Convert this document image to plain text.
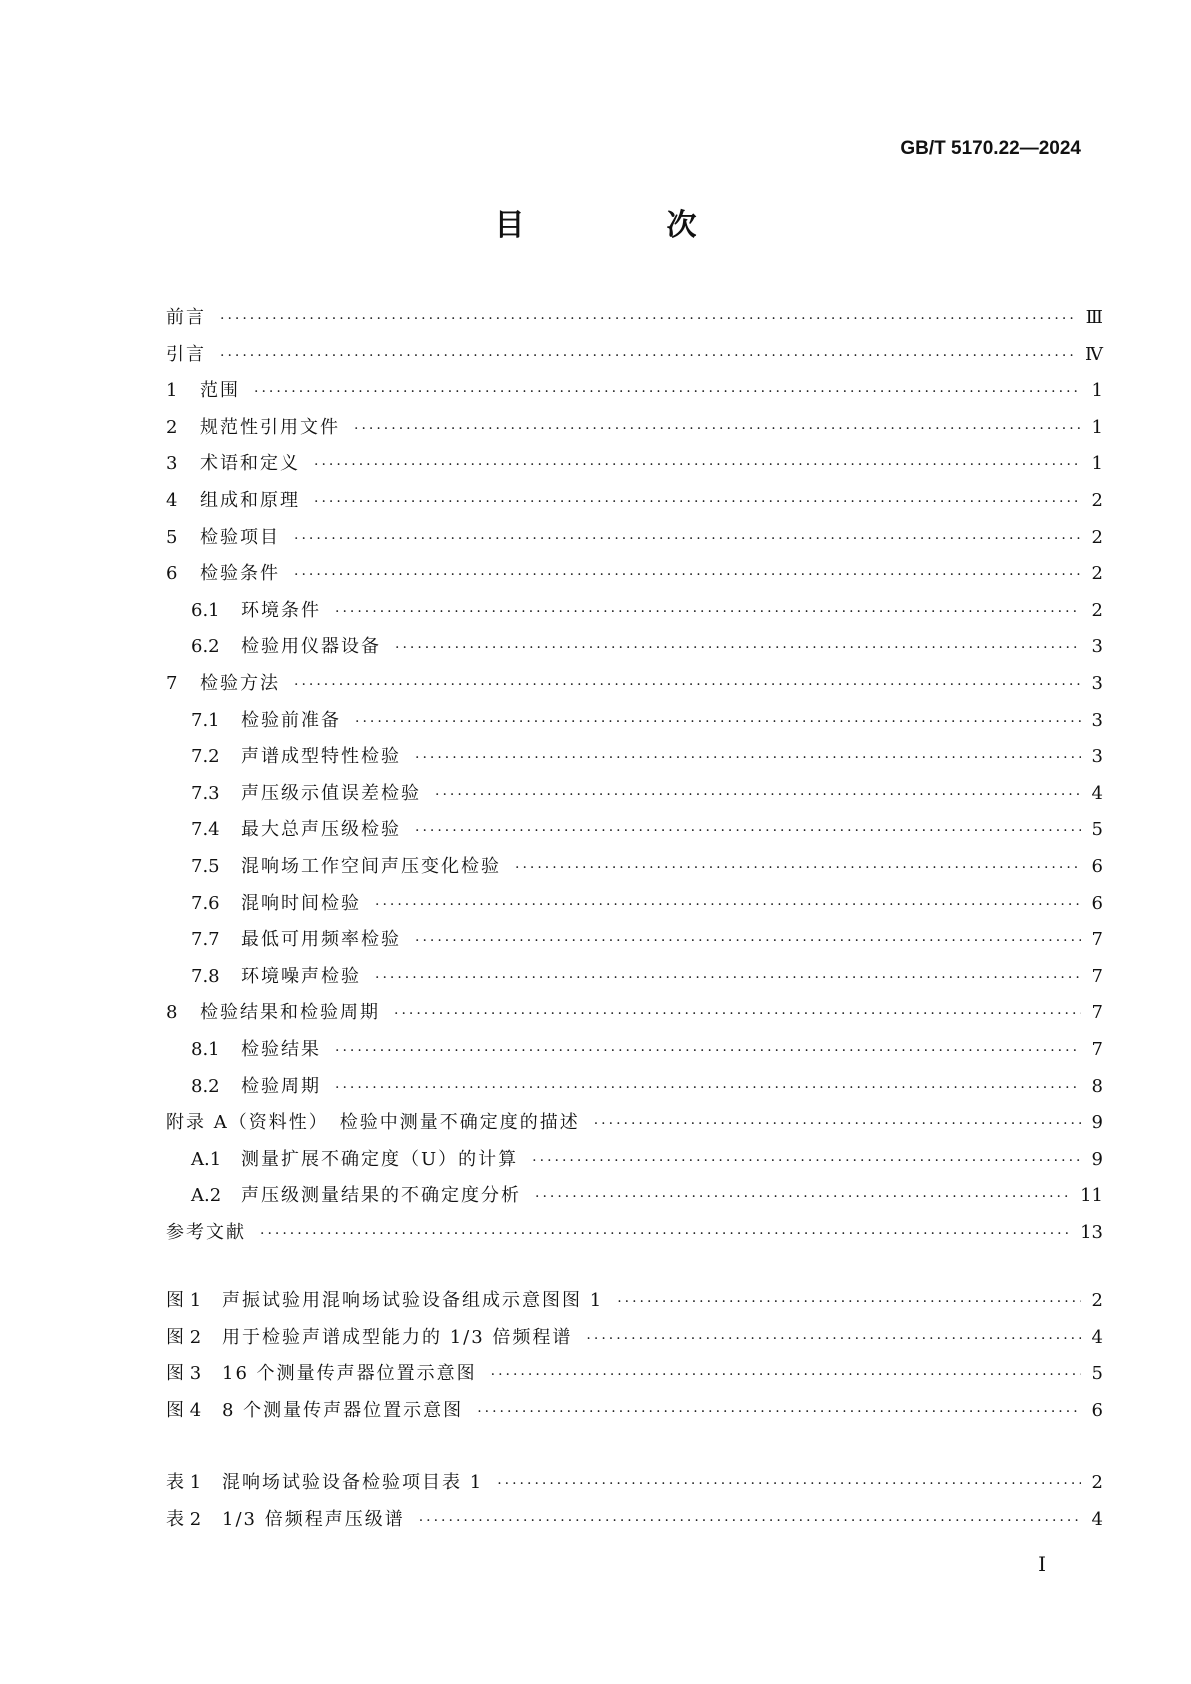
GB/T 5170.22—2024
目　次
前言 ·····	Ⅲ
引言 ·····	Ⅳ
1	范围 ·····	1
2	规范性引用文件 ·····	1
3	术语和定义 ·····	1
4	组成和原理 ·····	2
5	检验项目 ·····	2
6	检验条件 ·····	2
6.1	环境条件 ·····	2
6.2	检验用仪器设备 ·····	3
7	检验方法 ·····	3
7.1	检验前准备 ·····	3
7.2	声谱成型特性检验 ·····	3
7.3	声压级示值误差检验 ·····	4
7.4	最大总声压级检验 ·····	5
7.5	混响场工作空间声压变化检验 ·····	6
7.6	混响时间检验 ·····	6
7.7	最低可用频率检验 ·····	7
7.8	环境噪声检验 ·····	7
8	检验结果和检验周期 ·····	7
8.1	检验结果 ·····	7
8.2	检验周期 ·····	8
附录 A（资料性）　检验中测量不确定度的描述 ·····	9
A.1	测量扩展不确定度（U）的计算 ·····	9
A.2	声压级测量结果的不确定度分析 ·····	11
参考文献 ·····	13
图 1	声振试验用混响场试验设备组成示意图图 1 ·····	2
图 2	用于检验声谱成型能力的 1/3 倍频程谱 ·····	4
图 3	16 个测量传声器位置示意图 ·····	5
图 4	8 个测量传声器位置示意图 ·····	6
表 1	混响场试验设备检验项目表 1 ·····	2
表 2	1/3 倍频程声压级谱 ·····	4
I
